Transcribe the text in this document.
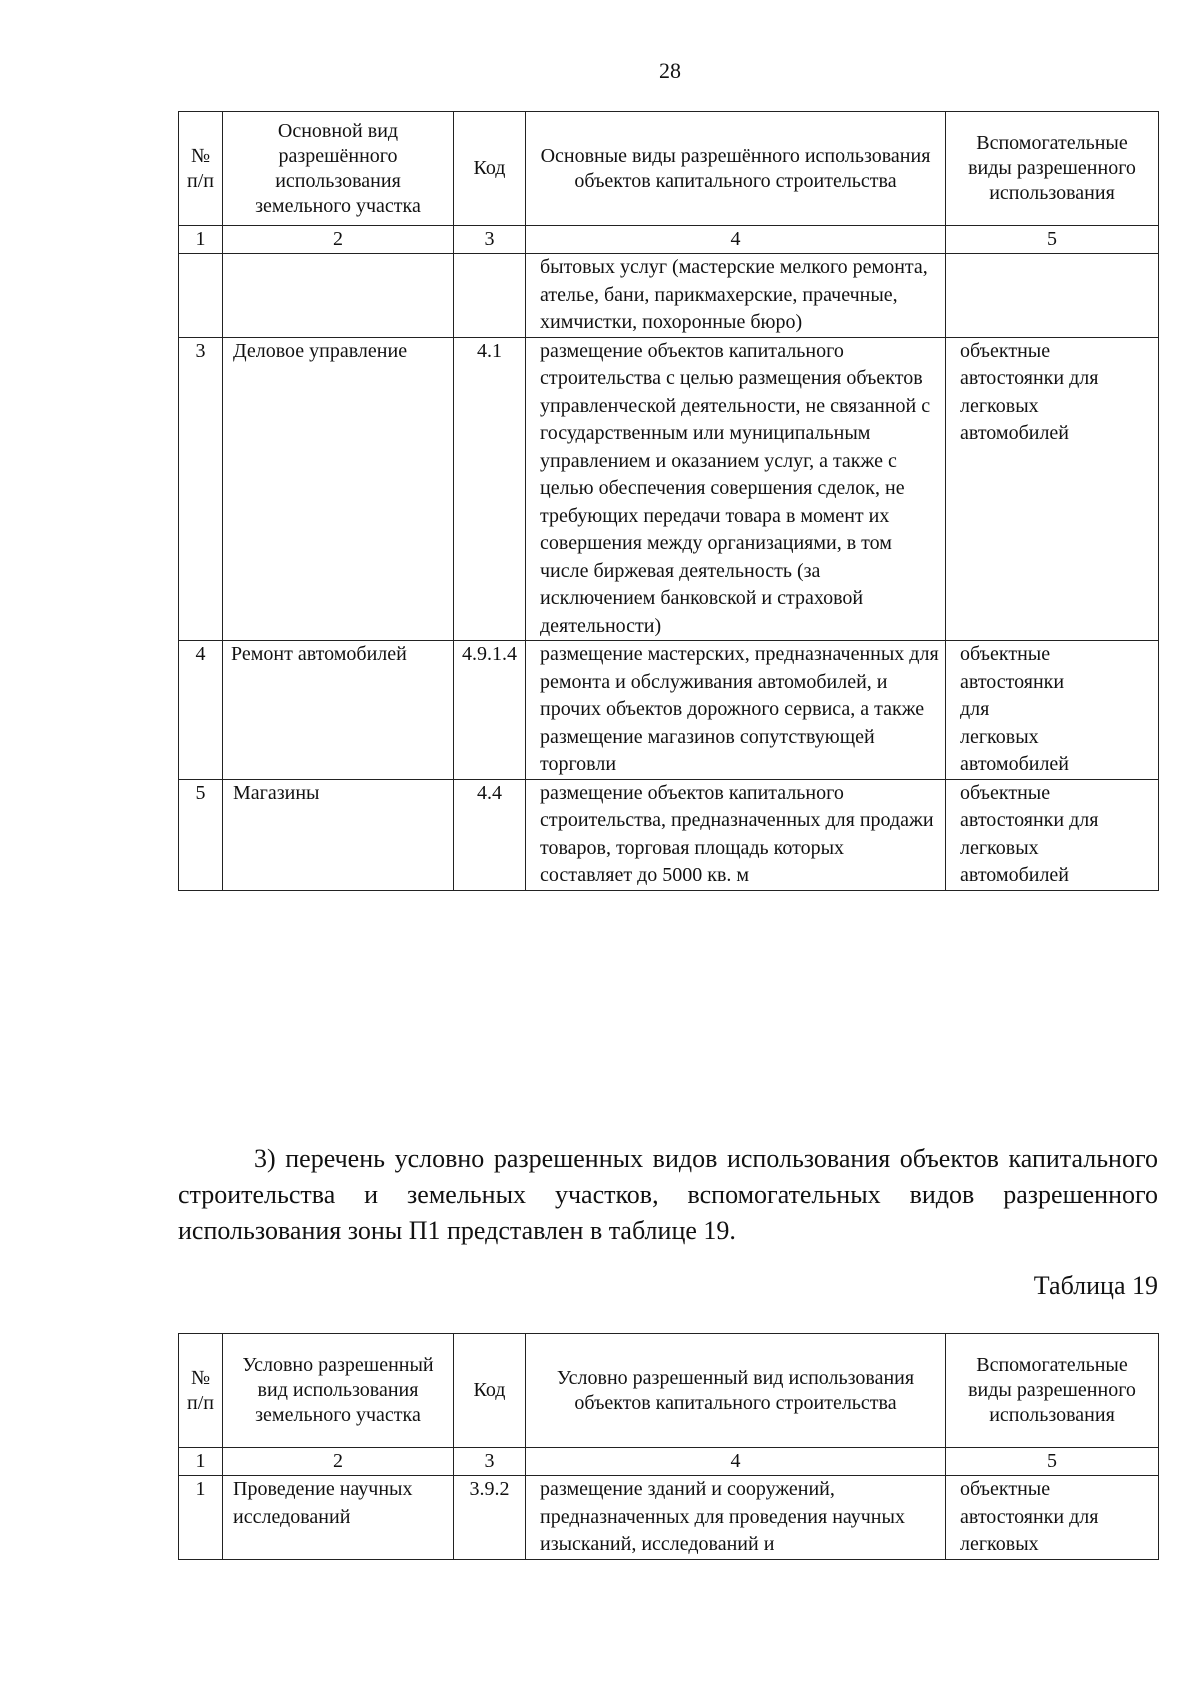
28
№ п/п	Основной вид разрешённого использования земельного участка	Код	Основные виды разрешённого использования объектов капитального строительства	Вспомогательные виды разрешенного использования
1	2	3	4	5
			бытовых услуг (мастерские мелкого ремонта, ателье, бани, парикмахерские, прачечные, химчистки, похоронные бюро)	
3	Деловое управление	4.1	размещение объектов капитального строительства с целью размещения объектов управленческой деятельности, не связанной с государственным или муниципальным управлением и оказанием услуг, а также с целью обеспечения совершения сделок, не требующих передачи товара в момент их совершения между организациями, в том числе биржевая деятельность (за исключением банковской и страховой деятельности)	объектные автостоянки для легковых автомобилей
4	Ремонт автомобилей	4.9.1.4	размещение мастерских, предназначенных для ремонта и обслуживания автомобилей, и прочих объектов дорожного сервиса, а также размещение магазинов сопутствующей торговли	объектные автостоянки для легковых автомобилей
5	Магазины	4.4	размещение объектов капитального строительства, предназначенных для продажи товаров, торговая площадь которых составляет до 5000 кв. м	объектные автостоянки для легковых автомобилей
3) перечень условно разрешенных видов использования объектов капитального строительства и земельных участков, вспомогательных видов разрешенного использования зоны П1 представлен в таблице 19.
Таблица 19
№ п/п	Условно разрешенный вид использования земельного участка	Код	Условно разрешенный вид использования объектов капитального строительства	Вспомогательные виды разрешенного использования
1	2	3	4	5
1	Проведение научных исследований	3.9.2	размещение зданий и сооружений, предназначенных для проведения научных изысканий, исследований и	объектные автостоянки для легковых
